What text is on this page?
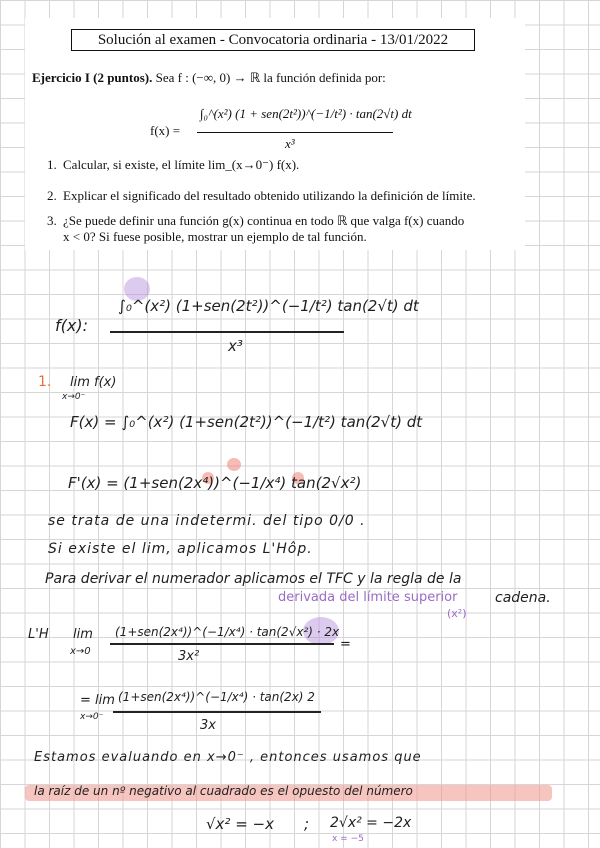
Solución al examen - Convocatoria ordinaria - 13/01/2022
Ejercicio I (2 puntos). Sea f : (−∞, 0) → ℝ la función definida por:
f(x) =
∫₀^(x²) (1 + sen(2t²))^(−1/t²) · tan(2√t) dt
x³
1. Calcular, si existe, el límite lim_(x→0⁻) f(x).
2. Explicar el significado del resultado obtenido utilizando la definición de límite.
3. ¿Se puede definir una función g(x) continua en todo ℝ que valga f(x) cuando
x < 0? Si fuese posible, mostrar un ejemplo de tal función.
f(x):
∫₀^(x²) (1+sen(2t²))^(−1/t²) tan(2√t) dt
x³
1. lim f(x)
x→0⁻
F(x) = ∫₀^(x²) (1+sen(2t²))^(−1/t²) tan(2√t) dt
F'(x) = (1+sen(2x⁴))^(−1/x⁴) tan(2√x²)
se trata de una indetermi. del tipo 0/0 .
Si existe el lim, aplicamos L'Hôp.
Para derivar el numerador aplicamos el TFC y la regla de la
derivada del límite superior	cadena.
(x²)
L'H lim
x→0
(1+sen(2x⁴))^(−1/x⁴) · tan(2√x²) · 2x
3x²
=
= lim
x→0⁻
(1+sen(2x⁴))^(−1/x⁴) · tan(2x) 2
3x
Estamos evaluando en x→0⁻ , entonces usamos que
la raíz de un nº negativo al cuadrado es el opuesto del número
√x² = −x ; 2√x² = −2x
x = −5
